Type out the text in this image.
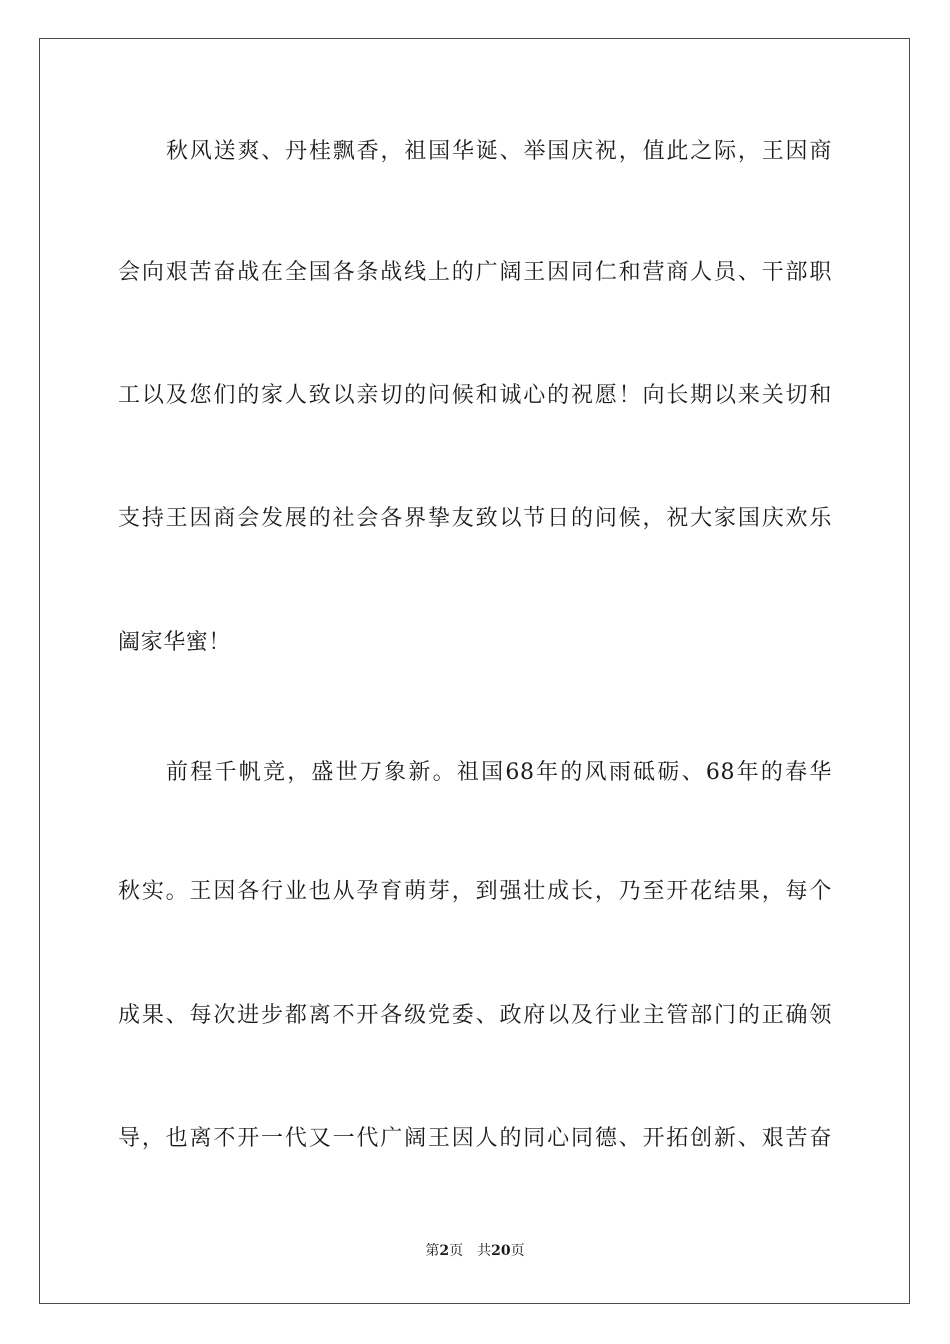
秋风送爽、丹桂飘香，祖国华诞、举国庆祝，值此之际，王因商
会向艰苦奋战在全国各条战线上的广阔王因同仁和营商人员、干部职
工以及您们的家人致以亲切的问候和诚心的祝愿！向长期以来关切和
支持王因商会发展的社会各界挚友致以节日的问候，祝大家国庆欢乐
阖家华蜜！
前程千帆竞，盛世万象新。祖国68年的风雨砥砺、68年的春华
秋实。王因各行业也从孕育萌芽，到强壮成长，乃至开花结果，每个
成果、每次进步都离不开各级党委、政府以及行业主管部门的正确领
导，也离不开一代又一代广阔王因人的同心同德、开拓创新、艰苦奋
第2页 共20页
